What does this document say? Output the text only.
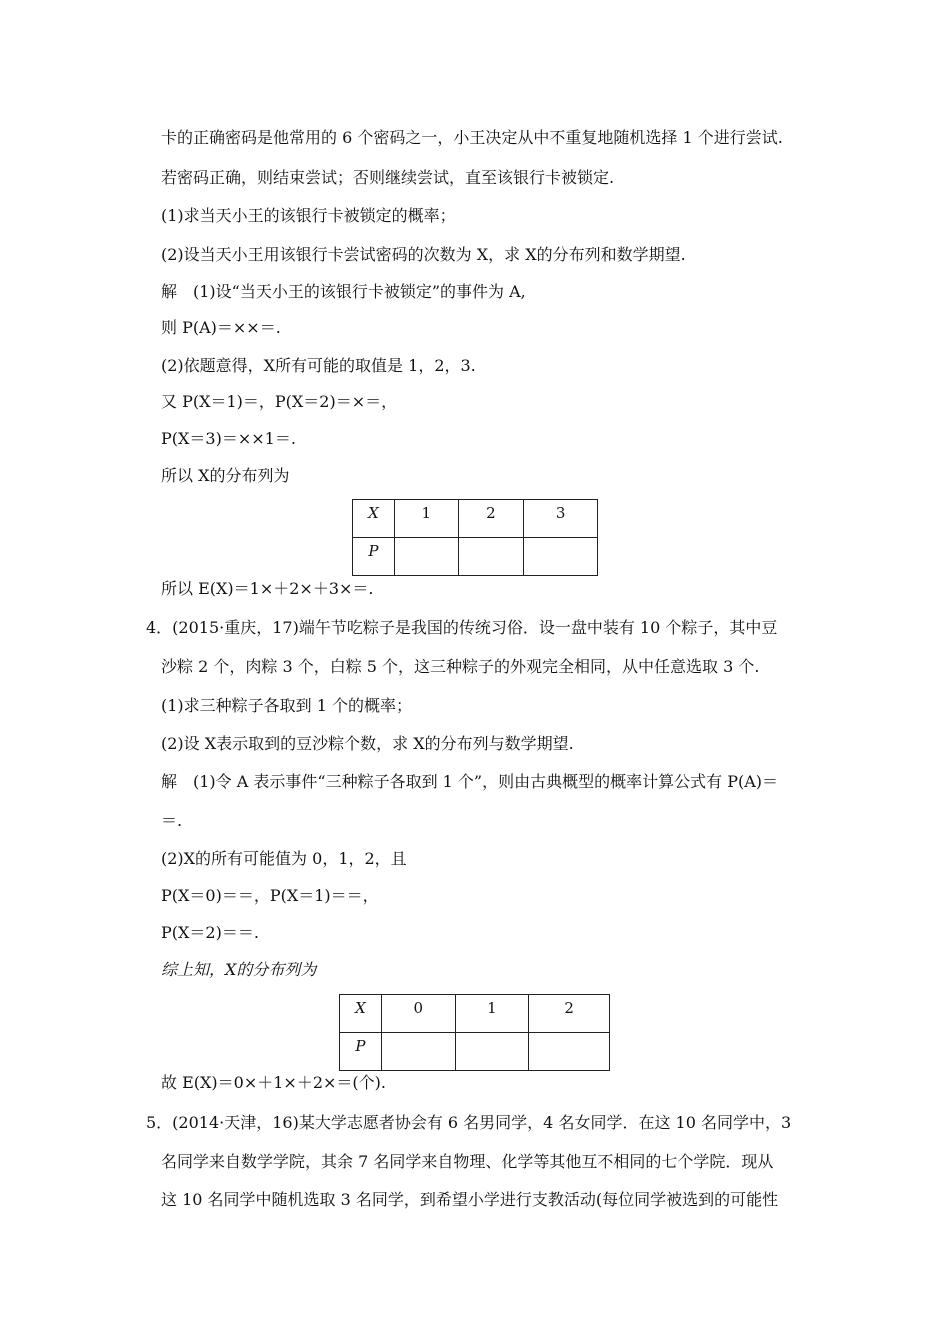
卡的正确密码是他常用的 6 个密码之一，小王决定从中不重复地随机选择 1 个进行尝试.
若密码正确，则结束尝试；否则继续尝试，直至该银行卡被锁定.
(1)求当天小王的该银行卡被锁定的概率；
(2)设当天小王用该银行卡尝试密码的次数为 X，求 X的分布列和数学期望.
解　(1)设“当天小王的该银行卡被锁定”的事件为 A,
则 P(A)＝××＝.
(2)依题意得，X所有可能的取值是 1，2，3.
又 P(X＝1)＝，P(X＝2)＝×＝，
P(X＝3)＝××1＝.
所以 X的分布列为
X	1	2	3
P			
所以 E(X)＝1×＋2×＋3×＝.
4．(2015·重庆，17)端午节吃粽子是我国的传统习俗．设一盘中装有 10 个粽子，其中豆
沙粽 2 个，肉粽 3 个，白粽 5 个，这三种粽子的外观完全相同，从中任意选取 3 个.
(1)求三种粽子各取到 1 个的概率；
(2)设 X表示取到的豆沙粽个数，求 X的分布列与数学期望.
解　(1)令 A 表示事件“三种粽子各取到 1 个”，则由古典概型的概率计算公式有 P(A)＝
＝.
(2)X的所有可能值为 0，1，2，且
P(X＝0)＝＝，P(X＝1)＝＝，
P(X＝2)＝＝.
综上知，X的分布列为
X	0	1	2
P			
故 E(X)＝0×＋1×＋2×＝(个).
5．(2014·天津，16)某大学志愿者协会有 6 名男同学，4 名女同学．在这 10 名同学中，3
名同学来自数学学院，其余 7 名同学来自物理、化学等其他互不相同的七个学院．现从
这 10 名同学中随机选取 3 名同学，到希望小学进行支教活动(每位同学被选到的可能性
